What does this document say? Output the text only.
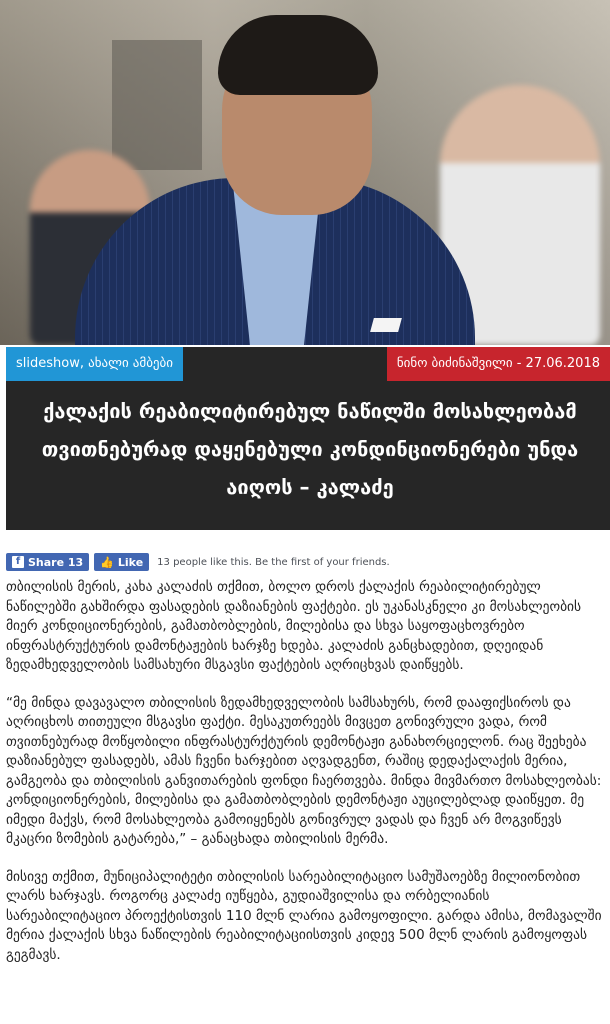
slideshow, ახალი ამბები	ნინო ბიძინაშვილი - 27.06.2018
ქალაქის რეაბილიტირებულ ნაწილში მოსახლეობამ თვითნებურად დაყენებული კონდინციონერები უნდა აიღოს – კალაძე
f Share 13 👍 Like 13 people like this. Be the first of your friends.

თბილისის მერის, კახა კალაძის თქმით, ბოლო დროს ქალაქის რეაბილიტირებულ ნაწილებში გახშირდა ფასადების დაზიანების ფაქტები. ეს უკანასკნელი კი მოსახლეობის მიერ კონდიციონერების, გამათბობლების, მილებისა და სხვა საყოფაცხოვრებო ინფრასტრუქტურის დამონტაჟების ხარჯზე ხდება. კალაძის განცხადებით, დღეიდან ზედამხედველობის სამსახური მსგავსი ფაქტების აღრიცხვას დაიწყებს.

“მე მინდა დავავალო თბილისის ზედამხედველობის სამსახურს, რომ დააფიქსიროს და აღრიცხოს თითეული მსგავსი ფაქტი. მესაკუთრეებს მივცეთ გონივრული ვადა, რომ თვითნებურად მოწყობილი ინფრასტურქტურის დემონტაჟი განახორციელონ. რაც შეეხება დაზიანებულ ფასადებს, ამას ჩვენი ხარჯებით აღვადგენთ, რაშიც დედაქალაქის მერია, გამგეობა და თბილისის განვითარების ფონდი ჩაერთვება. მინდა მივმართო მოსახლეობას: კონდიციონერების, მილებისა და გამათბობლების დემონტაჟი აუცილებლად დაიწყეთ. მე იმედი მაქვს, რომ მოსახლეობა გამოიყენებს გონივრულ ვადას და ჩვენ არ მოგვიწევს მკაცრი ზომების გატარება,” – განაცხადა თბილისის მერმა.

მისივე თქმით, მუნიციპალიტეტი თბილისის სარეაბილიტაციო სამუშაოებზე მილიონობით ლარს ხარჯავს. როგორც კალაძე იუწყება, გუდიაშვილისა და ორბელიანის სარეაბილიტაციო პროექტისთვის 110 მლნ ლარია გამოყოფილი. გარდა ამისა, მომავალში მერია ქალაქის სხვა ნაწილების რეაბილიტაციისთვის კიდევ 500 მლნ ლარის გამოყოფას გეგმავს.
